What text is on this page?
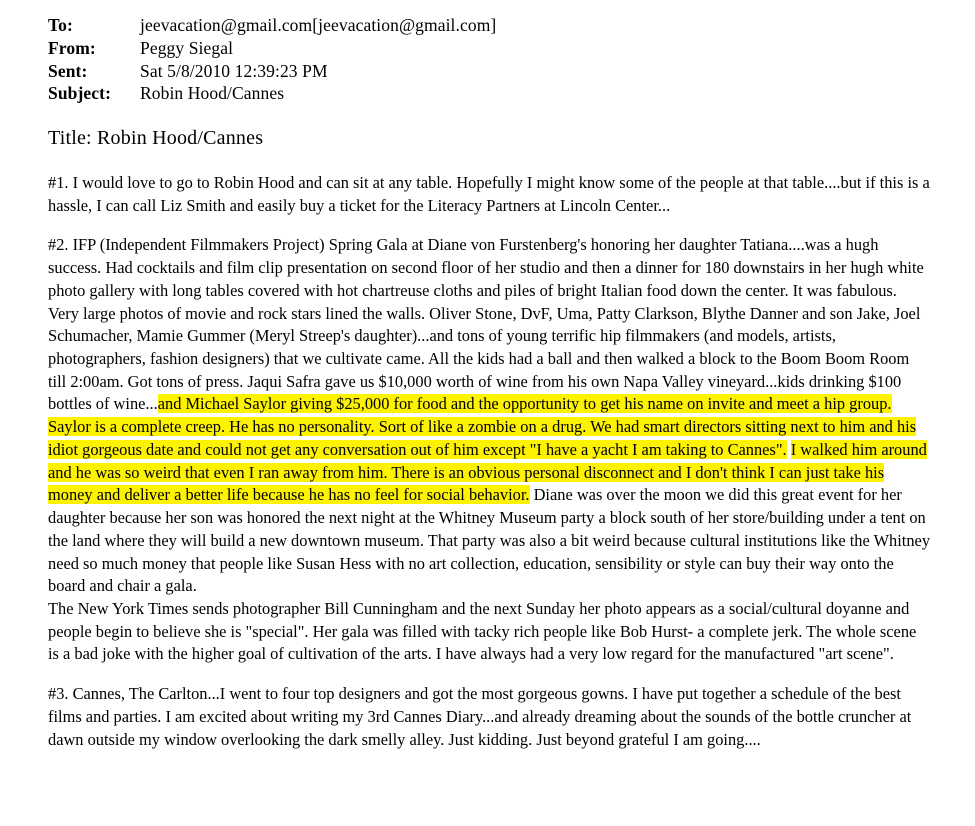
To:	jeevacation@gmail.com[jeevacation@gmail.com]
From:	Peggy Siegal
Sent:	Sat 5/8/2010 12:39:23 PM
Subject:	Robin Hood/Cannes
Title: Robin Hood/Cannes

#1. I would love to go to Robin Hood and can sit at any table. Hopefully I might know some of the people at that table....but if this is a hassle, I can call Liz Smith and easily buy a ticket for the Literacy Partners at Lincoln Center...

#2. IFP (Independent Filmmakers Project) Spring Gala at Diane von Furstenberg's honoring her daughter Tatiana....was a hugh success. Had cocktails and film clip presentation on second floor of her studio and then a dinner for 180 downstairs in her hugh white photo gallery with long tables covered with hot chartreuse cloths and piles of bright Italian food down the center. It was fabulous. Very large photos of movie and rock stars lined the walls. Oliver Stone, DvF, Uma, Patty Clarkson, Blythe Danner and son Jake, Joel Schumacher, Mamie Gummer (Meryl Streep's daughter)...and tons of young terrific hip filmmakers (and models, artists, photographers, fashion designers) that we cultivate came. All the kids had a ball and then walked a block to the Boom Boom Room till 2:00am. Got tons of press. Jaqui Safra gave us $10,000 worth of wine from his own Napa Valley vineyard...kids drinking $100 bottles of wine...and Michael Saylor giving $25,000 for food and the opportunity to get his name on invite and meet a hip group. Saylor is a complete creep. He has no personality. Sort of like a zombie on a drug. We had smart directors sitting next to him and his idiot gorgeous date and could not get any conversation out of him except "I have a yacht I am taking to Cannes". I walked him around and he was so weird that even I ran away from him. There is an obvious personal disconnect and I don't think I can just take his money and deliver a better life because he has no feel for social behavior. Diane was over the moon we did this great event for her daughter because her son was honored the next night at the Whitney Museum party a block south of her store/building under a tent on the land where they will build a new downtown museum. That party was also a bit weird because cultural institutions like the Whitney need so much money that people like Susan Hess with no art collection, education, sensibility or style can buy their way onto the board and chair a gala.

The New York Times sends photographer Bill Cunningham and the next Sunday her photo appears as a social/cultural doyanne and people begin to believe she is "special". Her gala was filled with tacky rich people like Bob Hurst- a complete jerk. The whole scene is a bad joke with the higher goal of cultivation of the arts. I have always had a very low regard for the manufactured "art scene".

#3. Cannes, The Carlton...I went to four top designers and got the most gorgeous gowns. I have put together a schedule of the best films and parties. I am excited about writing my 3rd Cannes Diary...and already dreaming about the sounds of the bottle cruncher at dawn outside my window overlooking the dark smelly alley. Just kidding. Just beyond grateful I am going....
